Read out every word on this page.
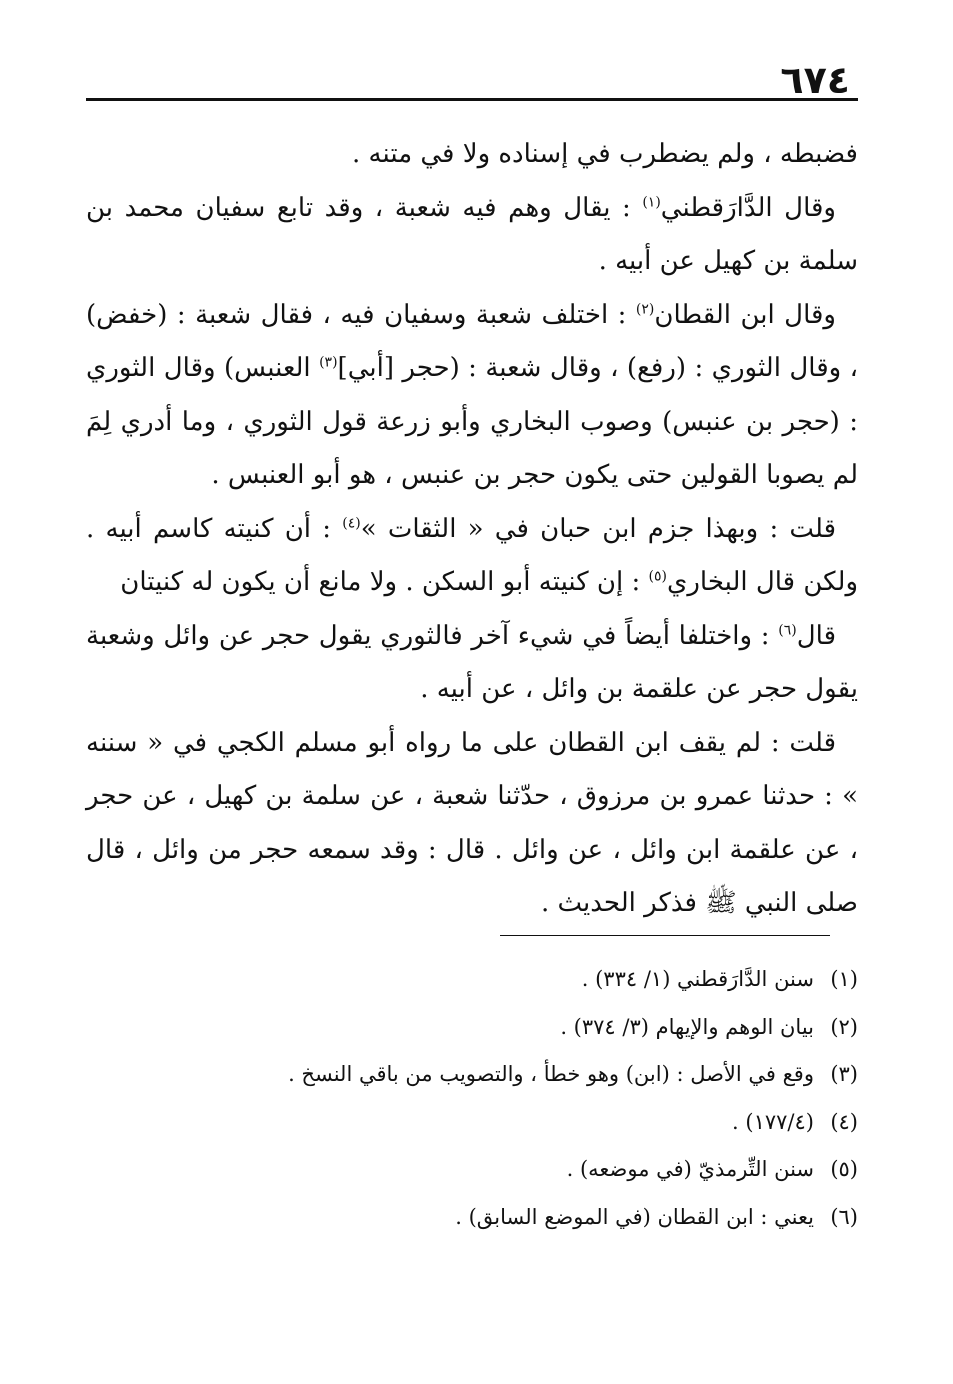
٦٧٤

فضبطه ، ولم يضطرب في إسناده ولا في متنه .

وقال الدَّارَقطني$^{(١)}$ : يقال وهم فيه شعبة ، وقد تابع سفيان محمد بن سلمة بن كهيل عن أبيه .

وقال ابن القطان$^{(٢)}$ : اختلف شعبة وسفيان فيه ، فقال شعبة : (خفض) ، وقال الثوري : (رفع) ، وقال شعبة : (حجر [أبي]$^{(٣)}$ العنبس) وقال الثوري : (حجر بن عنبس) وصوب البخاري وأبو زرعة قول الثوري ، وما أدري لِمَ لم يصوبا القولين حتى يكون حجر بن عنبس ، هو أبو العنبس .

قلت : وبهذا جزم ابن حبان في « الثقات »$^{(٤)}$ : أن كنيته كاسم أبيه . ولكن قال البخاري$^{(٥)}$ : إن كنيته أبو السكن . ولا مانع أن يكون له كنيتان

قال$^{(٦)}$ : واختلفا أيضاً في شيء آخر فالثوري يقول حجر عن وائل وشعبة يقول حجر عن علقمة بن وائل ، عن أبيه .

قلت : لم يقف ابن القطان على ما رواه أبو مسلم الكجي في « سننه » : حدثنا عمرو بن مرزوق ، حدّثنا شعبة ، عن سلمة بن كهيل ، عن حجر ، عن علقمة ابن وائل ، عن وائل . قال : وقد سمعه حجر من وائل ، قال صلى النبي ﷺ فذكر الحديث .

(١)سنن الدَّارَقطني (١/ ٣٣٤) .

(٢)بيان الوهم والإيهام (٣/ ٣٧٤) .

(٣)وقع في الأصل : (ابن) وهو خطأ ، والتصويب من باقي النسخ .

(٤)(١٧٧/٤) .

(٥)سنن التِّرمذيّ (في موضعه) .

(٦)يعني : ابن القطان (في الموضع السابق) .
